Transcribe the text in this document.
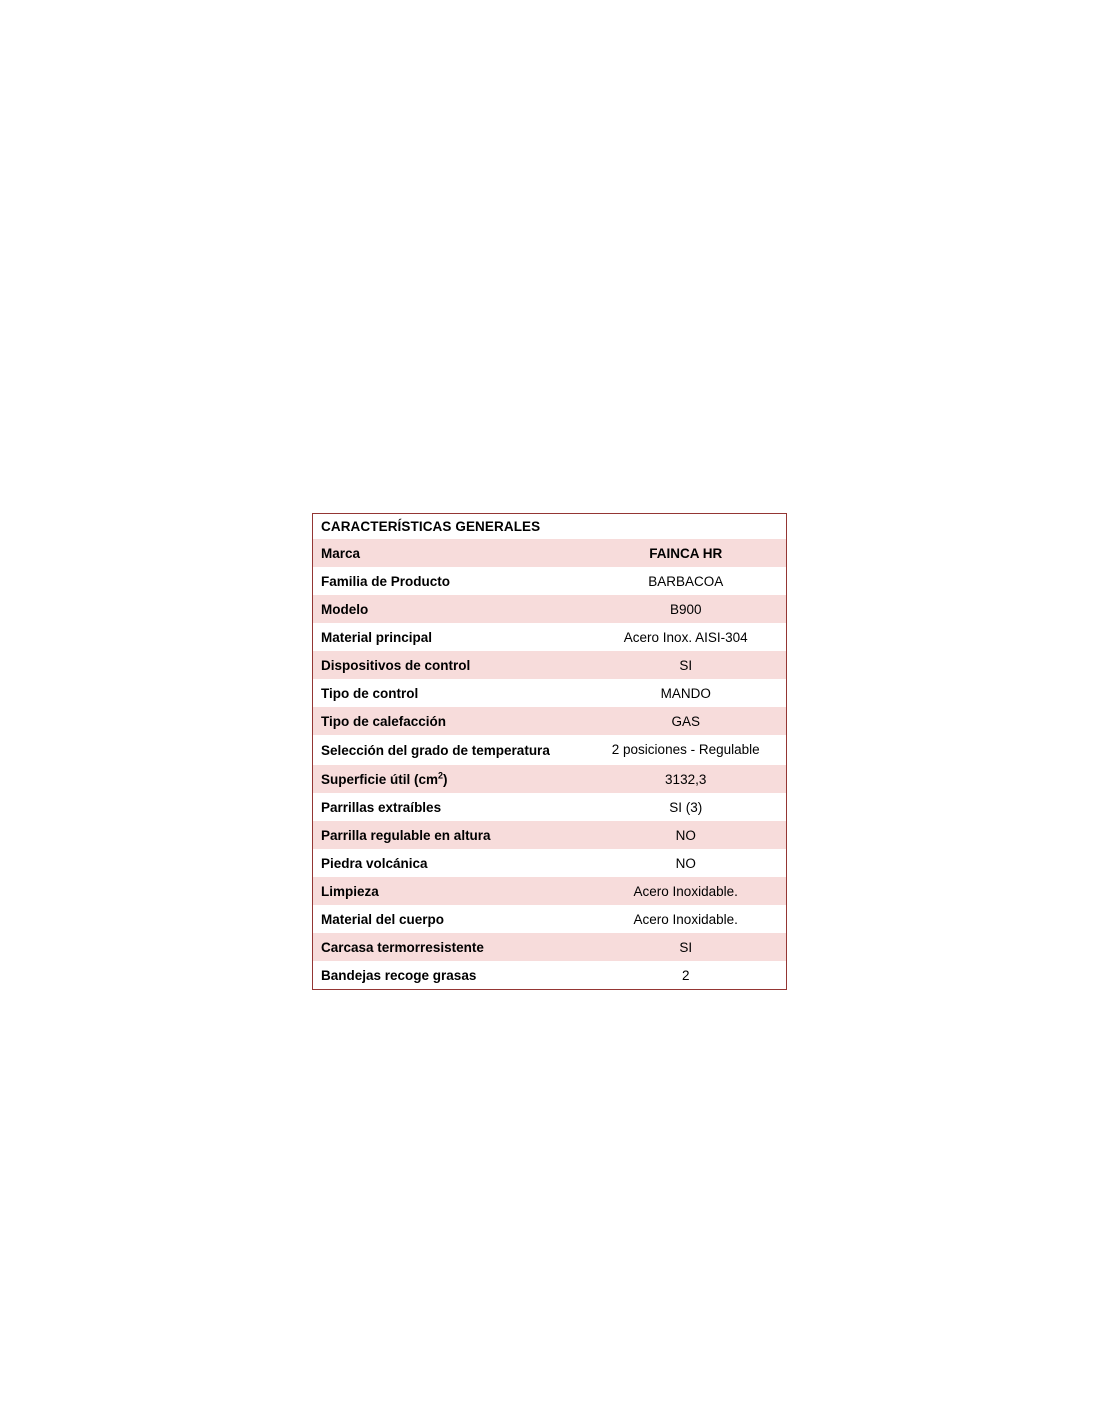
CARACTERÍSTICAS GENERALES	
Marca	FAINCA HR
Familia de Producto	BARBACOA
Modelo	B900
Material principal	Acero Inox. AISI-304
Dispositivos de control	SI
Tipo de control	MANDO
Tipo de calefacción	GAS
Selección del grado de temperatura	2 posiciones - Regulable
Superficie útil $(cm^2)$	3132,3
Parrillas extraíbles	SI (3)
Parrilla regulable en altura	NO
Piedra volcánica	NO
Limpieza	Acero Inoxidable.
Material del cuerpo	Acero Inoxidable.
Carcasa termorresistente	SI
Bandejas recoge grasas	2
